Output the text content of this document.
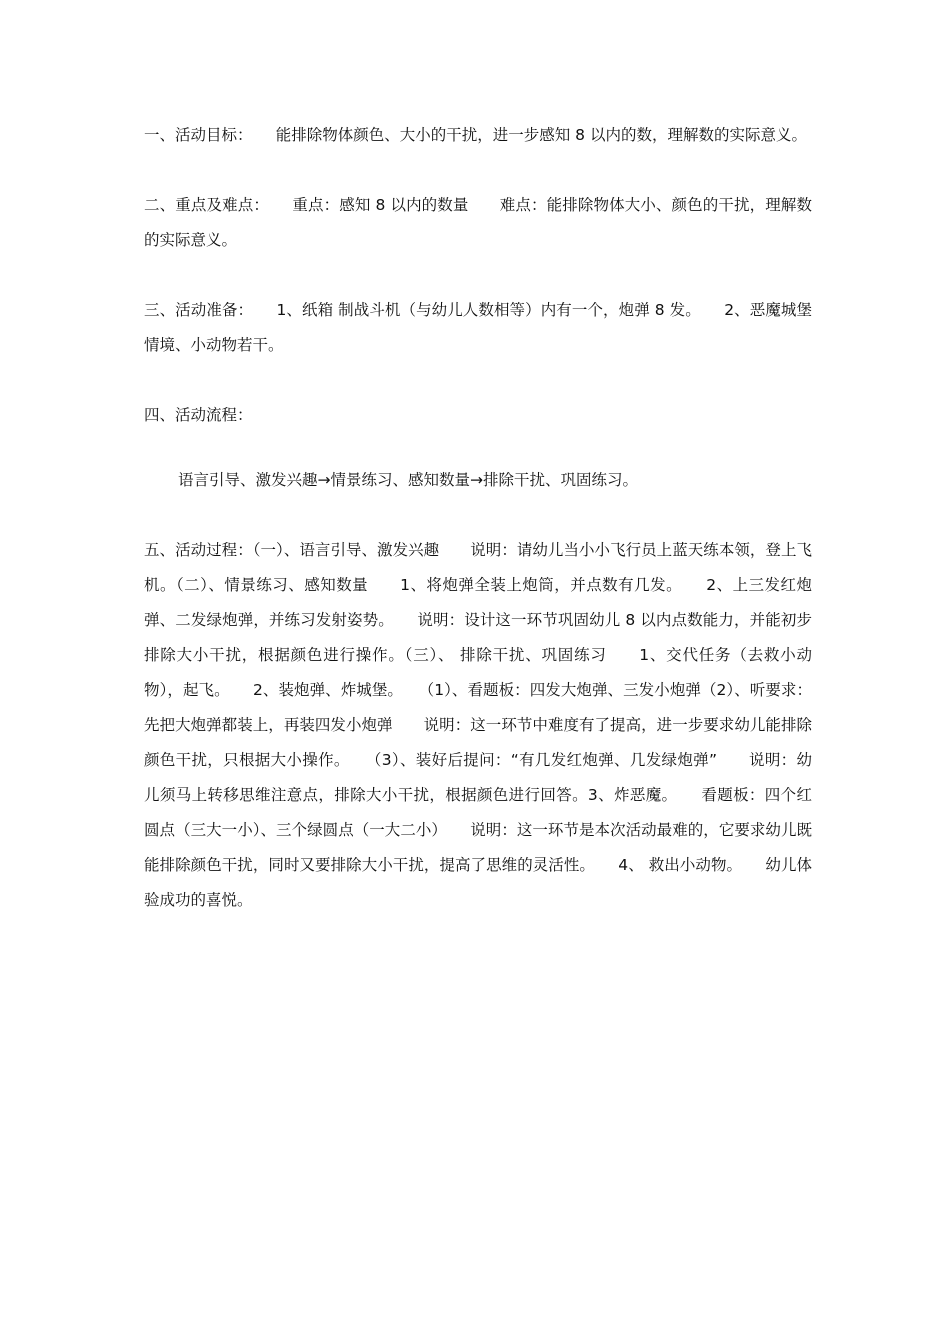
一、活动目标：　　能排除物体颜色、大小的干扰，进一步感知 8 以内的数，理解数的实际意义。

二、重点及难点：　　重点：感知 8 以内的数量　　难点：能排除物体大小、颜色的干扰，理解数的实际意义。

三、活动准备：　　1、纸箱 制战斗机（与幼儿人数相等）内有一个，炮弹 8 发。　　2、恶魔城堡情境、小动物若干。

四、活动流程：

语言引导、激发兴趣→情景练习、感知数量→排除干扰、巩固练习。

五、活动过程：（一）、语言引导、激发兴趣　　说明：请幼儿当小小飞行员上蓝天练本领，登上飞机。（二）、情景练习、感知数量　　1、将炮弹全装上炮筒，并点数有几发。　　2、上三发红炮弹、二发绿炮弹，并练习发射姿势。　　说明：设计这一环节巩固幼儿 8 以内点数能力，并能初步排除大小干扰，根据颜色进行操作。（三）、 排除干扰、巩固练习　　1、交代任务（去救小动物），起飞。　　2、装炮弹、炸城堡。　　（1）、看题板：四发大炮弹、三发小炮弹（2）、听要求：先把大炮弹都装上，再装四发小炮弹　　说明：这一环节中难度有了提高，进一步要求幼儿能排除颜色干扰，只根据大小操作。　　（3）、装好后提问：“有几发红炮弹、几发绿炮弹”　　说明：幼儿须马上转移思维注意点，排除大小干扰，根据颜色进行回答。3、炸恶魔。　　看题板：四个红圆点（三大一小）、三个绿圆点（一大二小）　　说明：这一环节是本次活动最难的，它要求幼儿既能排除颜色干扰，同时又要排除大小干扰，提高了思维的灵活性。　　4、 救出小动物。　　幼儿体验成功的喜悦。
